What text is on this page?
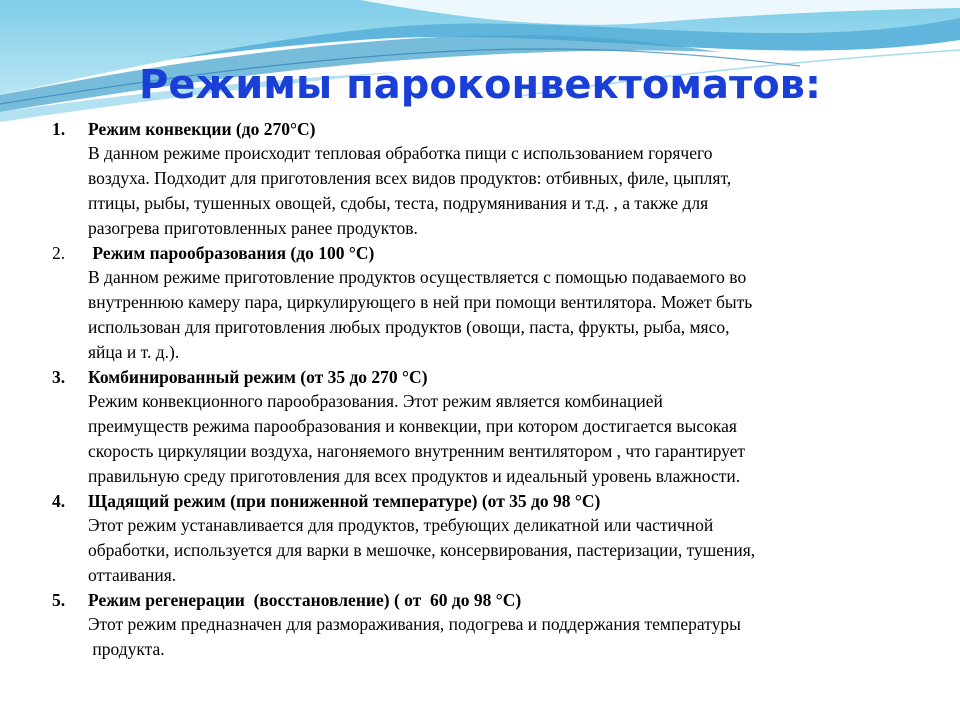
Режимы пароконвектоматов:
1.	Режим конвекции (до 270°С)
В данном режиме происходит тепловая обработка пищи с использованием горячего
воздуха. Подходит для приготовления всех видов продуктов: отбивных, филе, цыплят,
птицы, рыбы, тушенных овощей, сдобы, теста, подрумянивания и т.д. , а также для
разогрева приготовленных ранее продуктов.
2.	Режим парообразования (до 100 °С)
В данном режиме приготовление продуктов осуществляется с помощью подаваемого во
внутреннюю камеру пара, циркулирующего в ней при помощи вентилятора. Может быть
использован для приготовления любых продуктов (овощи, паста, фрукты, рыба, мясо,
яйца и т. д.).
3.	Комбинированный режим (от 35 до 270 °С)
Режим конвекционного парообразования. Этот режим является комбинацией
преимуществ режима парообразования и конвекции, при котором достигается высокая
скорость циркуляции воздуха, нагоняемого внутренним вентилятором , что гарантирует
правильную среду приготовления для всех продуктов и идеальный уровень влажности.
4.	Щадящий режим (при пониженной температуре) (от 35 до 98 °С)
Этот режим устанавливается для продуктов, требующих деликатной или частичной
обработки, используется для варки в мешочке, консервирования, пастеризации, тушения,
оттаивания.
5.	Режим регенерации  (восстановление) ( от  60 до 98 °С)
Этот режим предназначен для размораживания, подогрева и поддержания температуры
продукта.
